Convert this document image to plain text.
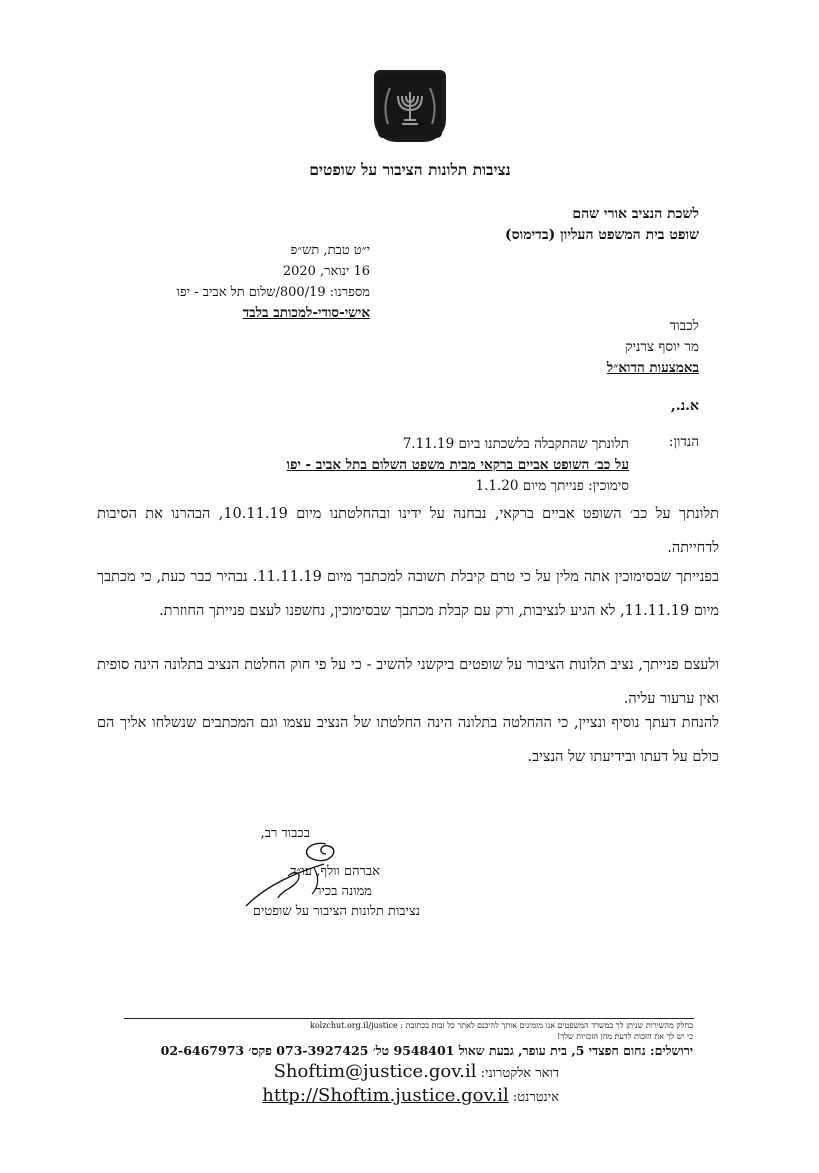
נציבות תלונות הציבור על שופטים
לשכת הנציב אורי שהם
שופט בית המשפט העליון (בדימוס)
י״ט טבת, תש״פ
16 ינואר, 2020
מספרנו: 800/19/שלום תל אביב - יפו
אישי-סודי-למכותב בלבד
לכבוד
מר יוסף צרניק
באמצעות הדוא״ל
א.נ.,
הנדון:
תלונתך שהתקבלה בלשכתנו ביום 7.11.19
על כב׳ השופט אביים ברקאי מבית משפט השלום בתל אביב - יפו
סימוכין: פנייתך מיום 1.1.20
תלונתך על כב׳ השופט אביים ברקאי, נבחנה על ידינו ובהחלטתנו מיום 10.11.19, הבהרנו את הסיבות לדחייתה.
בפנייתך שבסימוכין אתה מלין על כי טרם קיבלת תשובה למכתבך מיום 11.11.19. נבהיר כבר כעת, כי מכתבך מיום 11.11.19, לא הגיע לנציבות, ורק עם קבלת מכתבך שבסימוכין, נחשפנו לעצם פנייתך החוזרת.
ולעצם פנייתך, נציב תלונות הציבור על שופטים ביקשני להשיב - כי על פי חוק החלטת הנציב בתלונה הינה סופית ואין ערעור עליה.
להנחת דעתך נוסיף ונציין, כי ההחלטה בתלונה הינה החלטתו של הנציב עצמו וגם המכתבים שנשלחו אליך הם כולם על דעתו ובידיעתו של הנציב.
בכבוד רב,
אברהם וולף, עו״ד
ממונה בכיר
נציבות תלונות הציבור על שופטים
כחלק מהשירות שניתן לך במשרד המשפטים אנו מזמינים אותך להיכנס לאתר כל זכות בכתובת : kolzchut.org.il/justice
כי יש לך את הזכות לדעת מהן הזכויות שלך!
ירושלים: נחום חפצדי 5, בית עופר, גבעת שאול 9548401 טל׳ 073-3927425 פקס׳ 02-6467973
דואר אלקטרוני: Shoftim@justice.gov.il
אינטרנט: http://Shoftim.justice.gov.il
